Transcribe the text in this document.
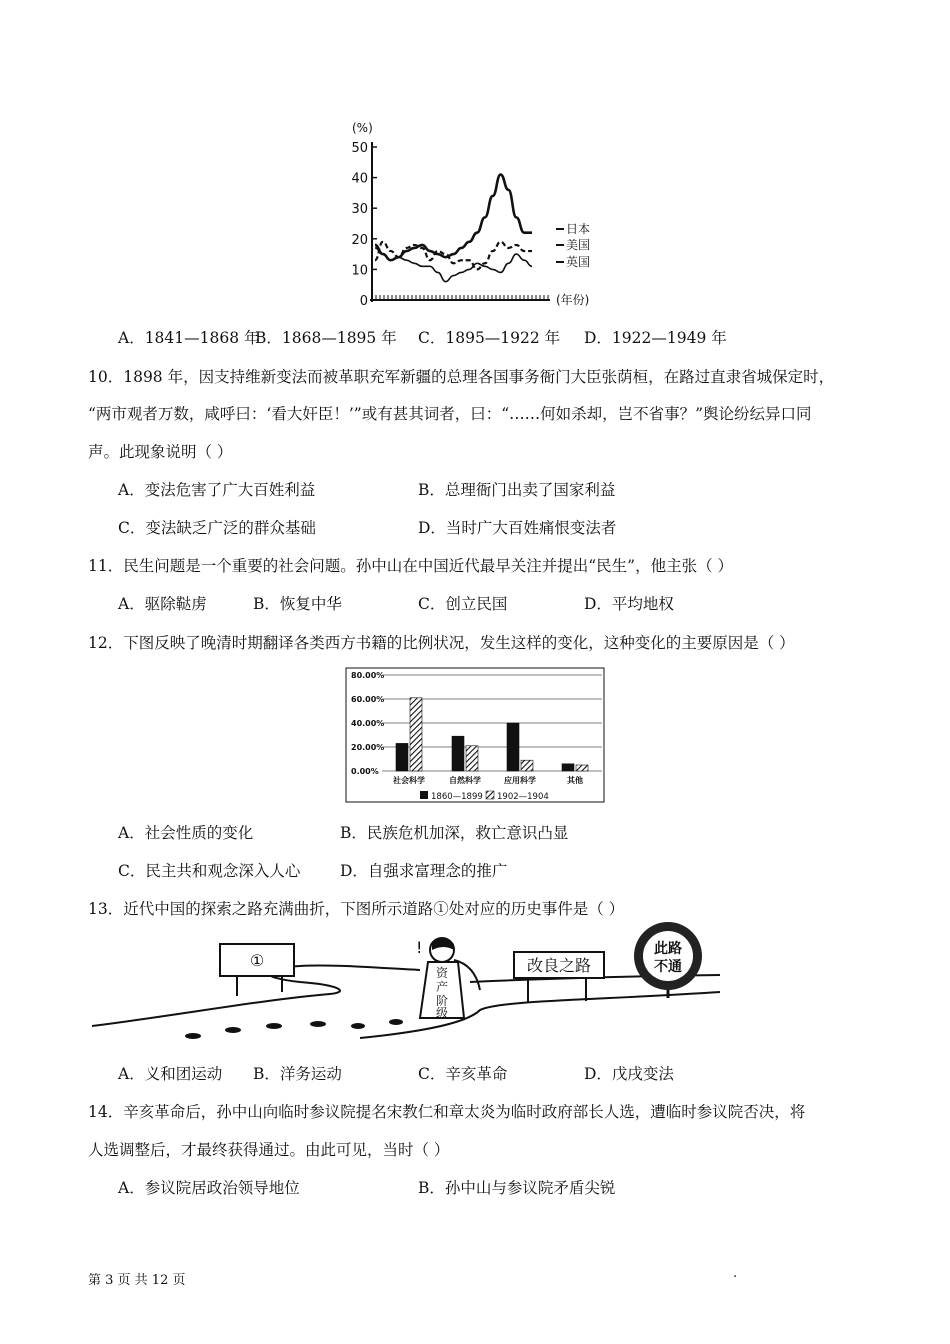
(%)
(年份)
50
40
30
20
10
0
日本
美国
英国
A．1841—1868 年
B．1868—1895 年 C．1895—1922 年 D．1922—1949 年
10．1898 年，因支持维新变法而被革职充军新疆的总理各国事务衙门大臣张荫桓，在路过直隶省城保定时，
“两市观者万数，咸呼曰：‘看大奸臣！’”或有甚其词者，曰：“……何如杀却，岂不省事？”舆论纷纭异口同
声。此现象说明（ ）
A．变法危害了广大百姓利益	B．总理衙门出卖了国家利益
C．变法缺乏广泛的群众基础	D．当时广大百姓痛恨变法者
11．民生问题是一个重要的社会问题。孙中山在中国近代最早关注并提出“民生”，他主张（ ）
A．驱除鞑虏	B．恢复中华	C．创立民国	D．平均地权
12．下图反映了晚清时期翻译各类西方书籍的比例状况，发生这样的变化，这种变化的主要原因是（ ）
80.00%
60.00%
40.00%
20.00%
0.00%
社会科学	自然科学	应用科学	其他
1860—1899 1902—1904
A．社会性质的变化	B．民族危机加深，救亡意识凸显
C．民主共和观念深入人心	D．自强求富理念的推广
13．近代中国的探索之路充满曲折，下图所示道路①处对应的历史事件是（ ）
①
!
资
产
阶
级
改良之路
此路
不通
A．义和团运动 B．洋务运动	C．辛亥革命	D．戊戌变法
14．辛亥革命后，孙中山向临时参议院提名宋教仁和章太炎为临时政府部长人选，遭临时参议院否决，将
人选调整后，才最终获得通过。由此可见，当时（ ）
A．参议院居政治领导地位	B．孙中山与参议院矛盾尖锐
第 3 页 共 12 页	.
